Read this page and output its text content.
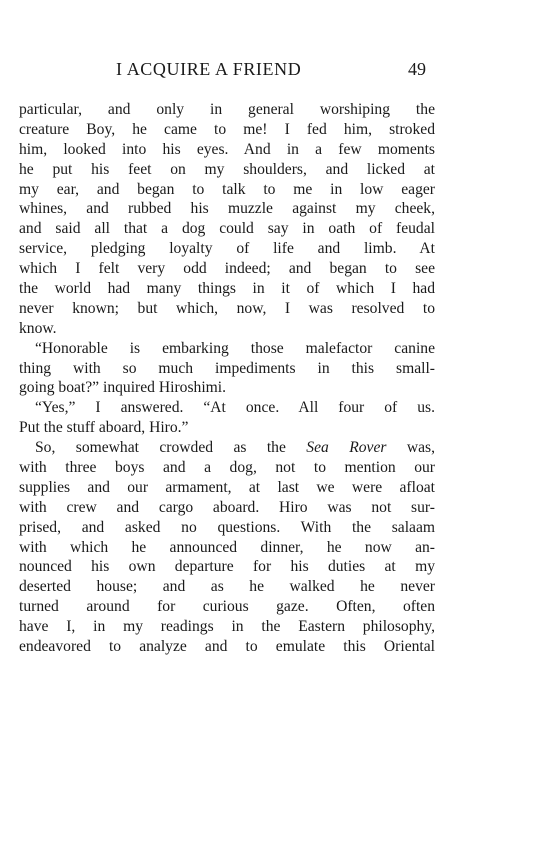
I ACQUIRE A FRIEND	49
particular, and only in general worshiping the
creature Boy, he came to me! I fed him, stroked
him, looked into his eyes. And in a few moments
he put his feet on my shoulders, and licked at
my ear, and began to talk to me in low eager
whines, and rubbed his muzzle against my cheek,
and said all that a dog could say in oath of feudal
service, pledging loyalty of life and limb. At
which I felt very odd indeed; and began to see
the world had many things in it of which I had
never known; but which, now, I was resolved to
know.
“Honorable is embarking those malefactor canine
thing with so much impediments in this small-
going boat?” inquired Hiroshimi.
“Yes,” I answered. “At once. All four of us.
Put the stuff aboard, Hiro.”
So, somewhat crowded as the Sea Rover was,
with three boys and a dog, not to mention our
supplies and our armament, at last we were afloat
with crew and cargo aboard. Hiro was not sur-
prised, and asked no questions. With the salaam
with which he announced dinner, he now an-
nounced his own departure for his duties at my
deserted house; and as he walked he never
turned around for curious gaze. Often, often
have I, in my readings in the Eastern philosophy,
endeavored to analyze and to emulate this Oriental
